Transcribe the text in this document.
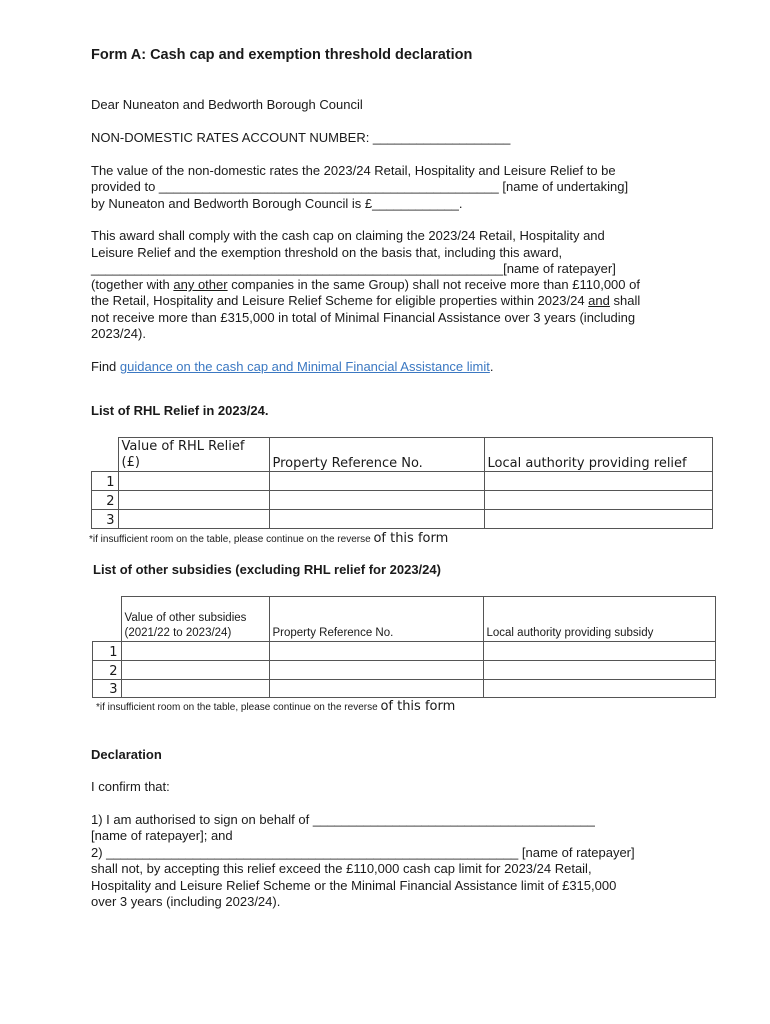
Form A: Cash cap and exemption threshold declaration
Dear Nuneaton and Bedworth Borough Council
NON-DOMESTIC RATES ACCOUNT NUMBER: ___________________
The value of the non-domestic rates the 2023/24 Retail, Hospitality and Leisure Relief to be
provided to _______________________________________________ [name of undertaking]
by Nuneaton and Bedworth Borough Council is £____________.
This award shall comply with the cash cap on claiming the 2023/24 Retail, Hospitality and
Leisure Relief and the exemption threshold on the basis that, including this award,
_________________________________________________________[name of ratepayer]
(together with any other companies in the same Group) shall not receive more than £110,000 of
the Retail, Hospitality and Leisure Relief Scheme for eligible properties within 2023/24 and shall
not receive more than £315,000 in total of Minimal Financial Assistance over 3 years (including
2023/24).
Find guidance on the cash cap and Minimal Financial Assistance limit.
List of RHL Relief in 2023/24.
	Value of RHL Relief (£)	Property Reference No.	Local authority providing relief
1			
2			
3			
*if insufficient room on the table, please continue on the reverse of this form
List of other subsidies (excluding RHL relief for 2023/24)
	Value of other subsidies (2021/22 to 2023/24)	Property Reference No.	Local authority providing subsidy
1			
2			
3			
*if insufficient room on the table, please continue on the reverse of this form
Declaration
I confirm that:
1) I am authorised to sign on behalf of _______________________________________
[name of ratepayer]; and
2) _________________________________________________________ [name of ratepayer]
shall not, by accepting this relief exceed the £110,000 cash cap limit for 2023/24 Retail,
Hospitality and Leisure Relief Scheme or the Minimal Financial Assistance limit of £315,000
over 3 years (including 2023/24).
